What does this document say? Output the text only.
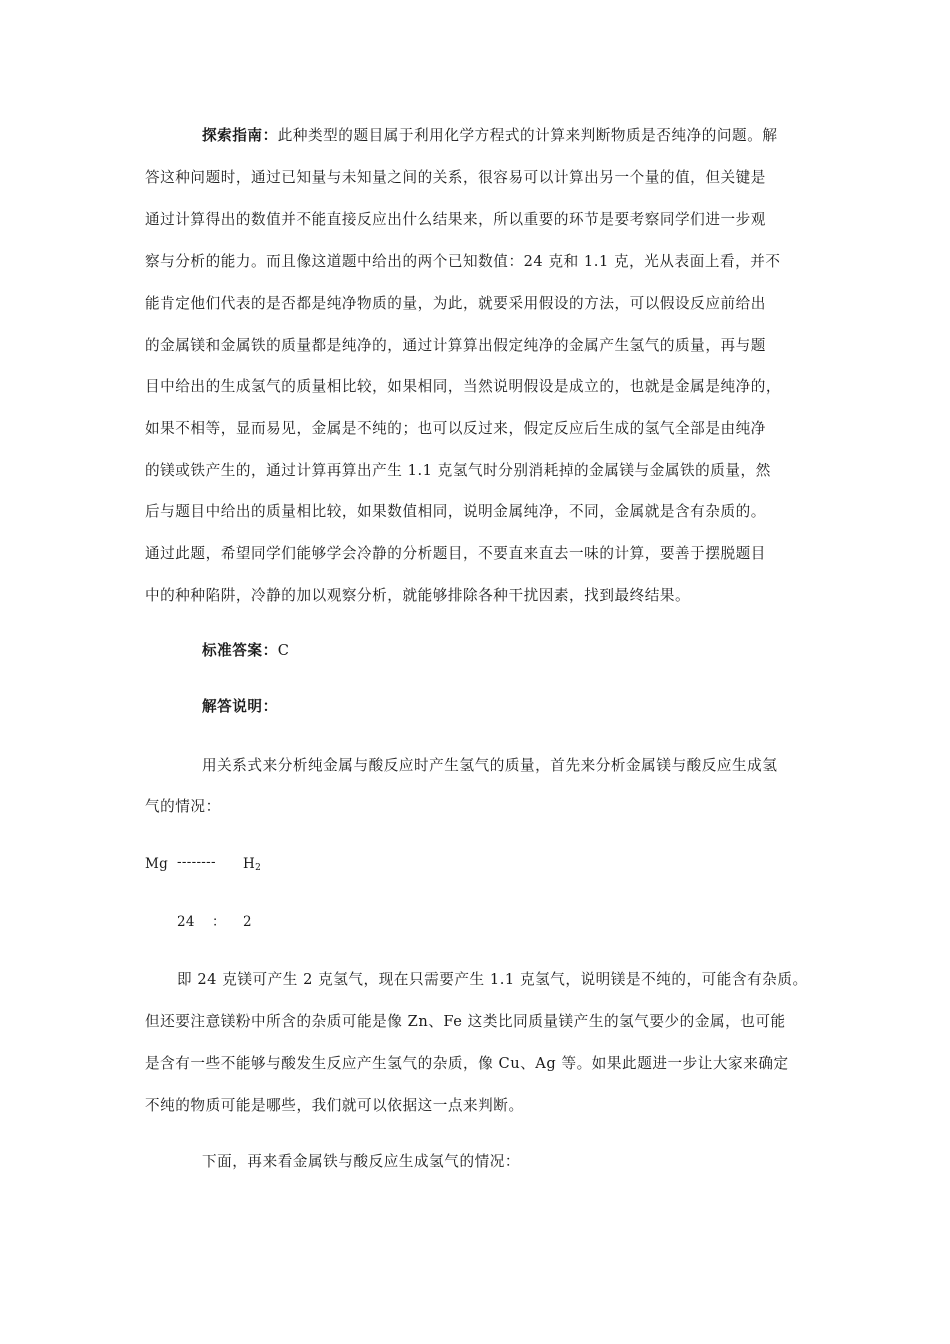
探索指南：此种类型的题目属于利用化学方程式的计算来判断物质是否纯净的问题。解
答这种问题时，通过已知量与未知量之间的关系，很容易可以计算出另一个量的值，但关键是
通过计算得出的数值并不能直接反应出什么结果来，所以重要的环节是要考察同学们进一步观
察与分析的能力。而且像这道题中给出的两个已知数值：24 克和 1.1 克，光从表面上看，并不
能肯定他们代表的是否都是纯净物质的量，为此，就要采用假设的方法，可以假设反应前给出
的金属镁和金属铁的质量都是纯净的，通过计算算出假定纯净的金属产生氢气的质量，再与题
目中给出的生成氢气的质量相比较，如果相同，当然说明假设是成立的，也就是金属是纯净的，
如果不相等，显而易见，金属是不纯的；也可以反过来，假定反应后生成的氢气全部是由纯净
的镁或铁产生的，通过计算再算出产生 1.1 克氢气时分别消耗掉的金属镁与金属铁的质量，然
后与题目中给出的质量相比较，如果数值相同，说明金属纯净，不同，金属就是含有杂质的。
通过此题，希望同学们能够学会冷静的分析题目，不要直来直去一味的计算，要善于摆脱题目
中的种种陷阱，冷静的加以观察分析，就能够排除各种干扰因素，找到最终结果。
标准答案：C
解答说明：
用关系式来分析纯金属与酸反应时产生氢气的质量，首先来分析金属镁与酸反应生成氢
气的情况：
Mg -------- $H_2$
24 ： 2
即 24 克镁可产生 2 克氢气，现在只需要产生 1.1 克氢气，说明镁是不纯的，可能含有杂质。
但还要注意镁粉中所含的杂质可能是像 Zn、Fe 这类比同质量镁产生的氢气要少的金属，也可能
是含有一些不能够与酸发生反应产生氢气的杂质，像 Cu、Ag 等。如果此题进一步让大家来确定
不纯的物质可能是哪些，我们就可以依据这一点来判断。
下面，再来看金属铁与酸反应生成氢气的情况：
